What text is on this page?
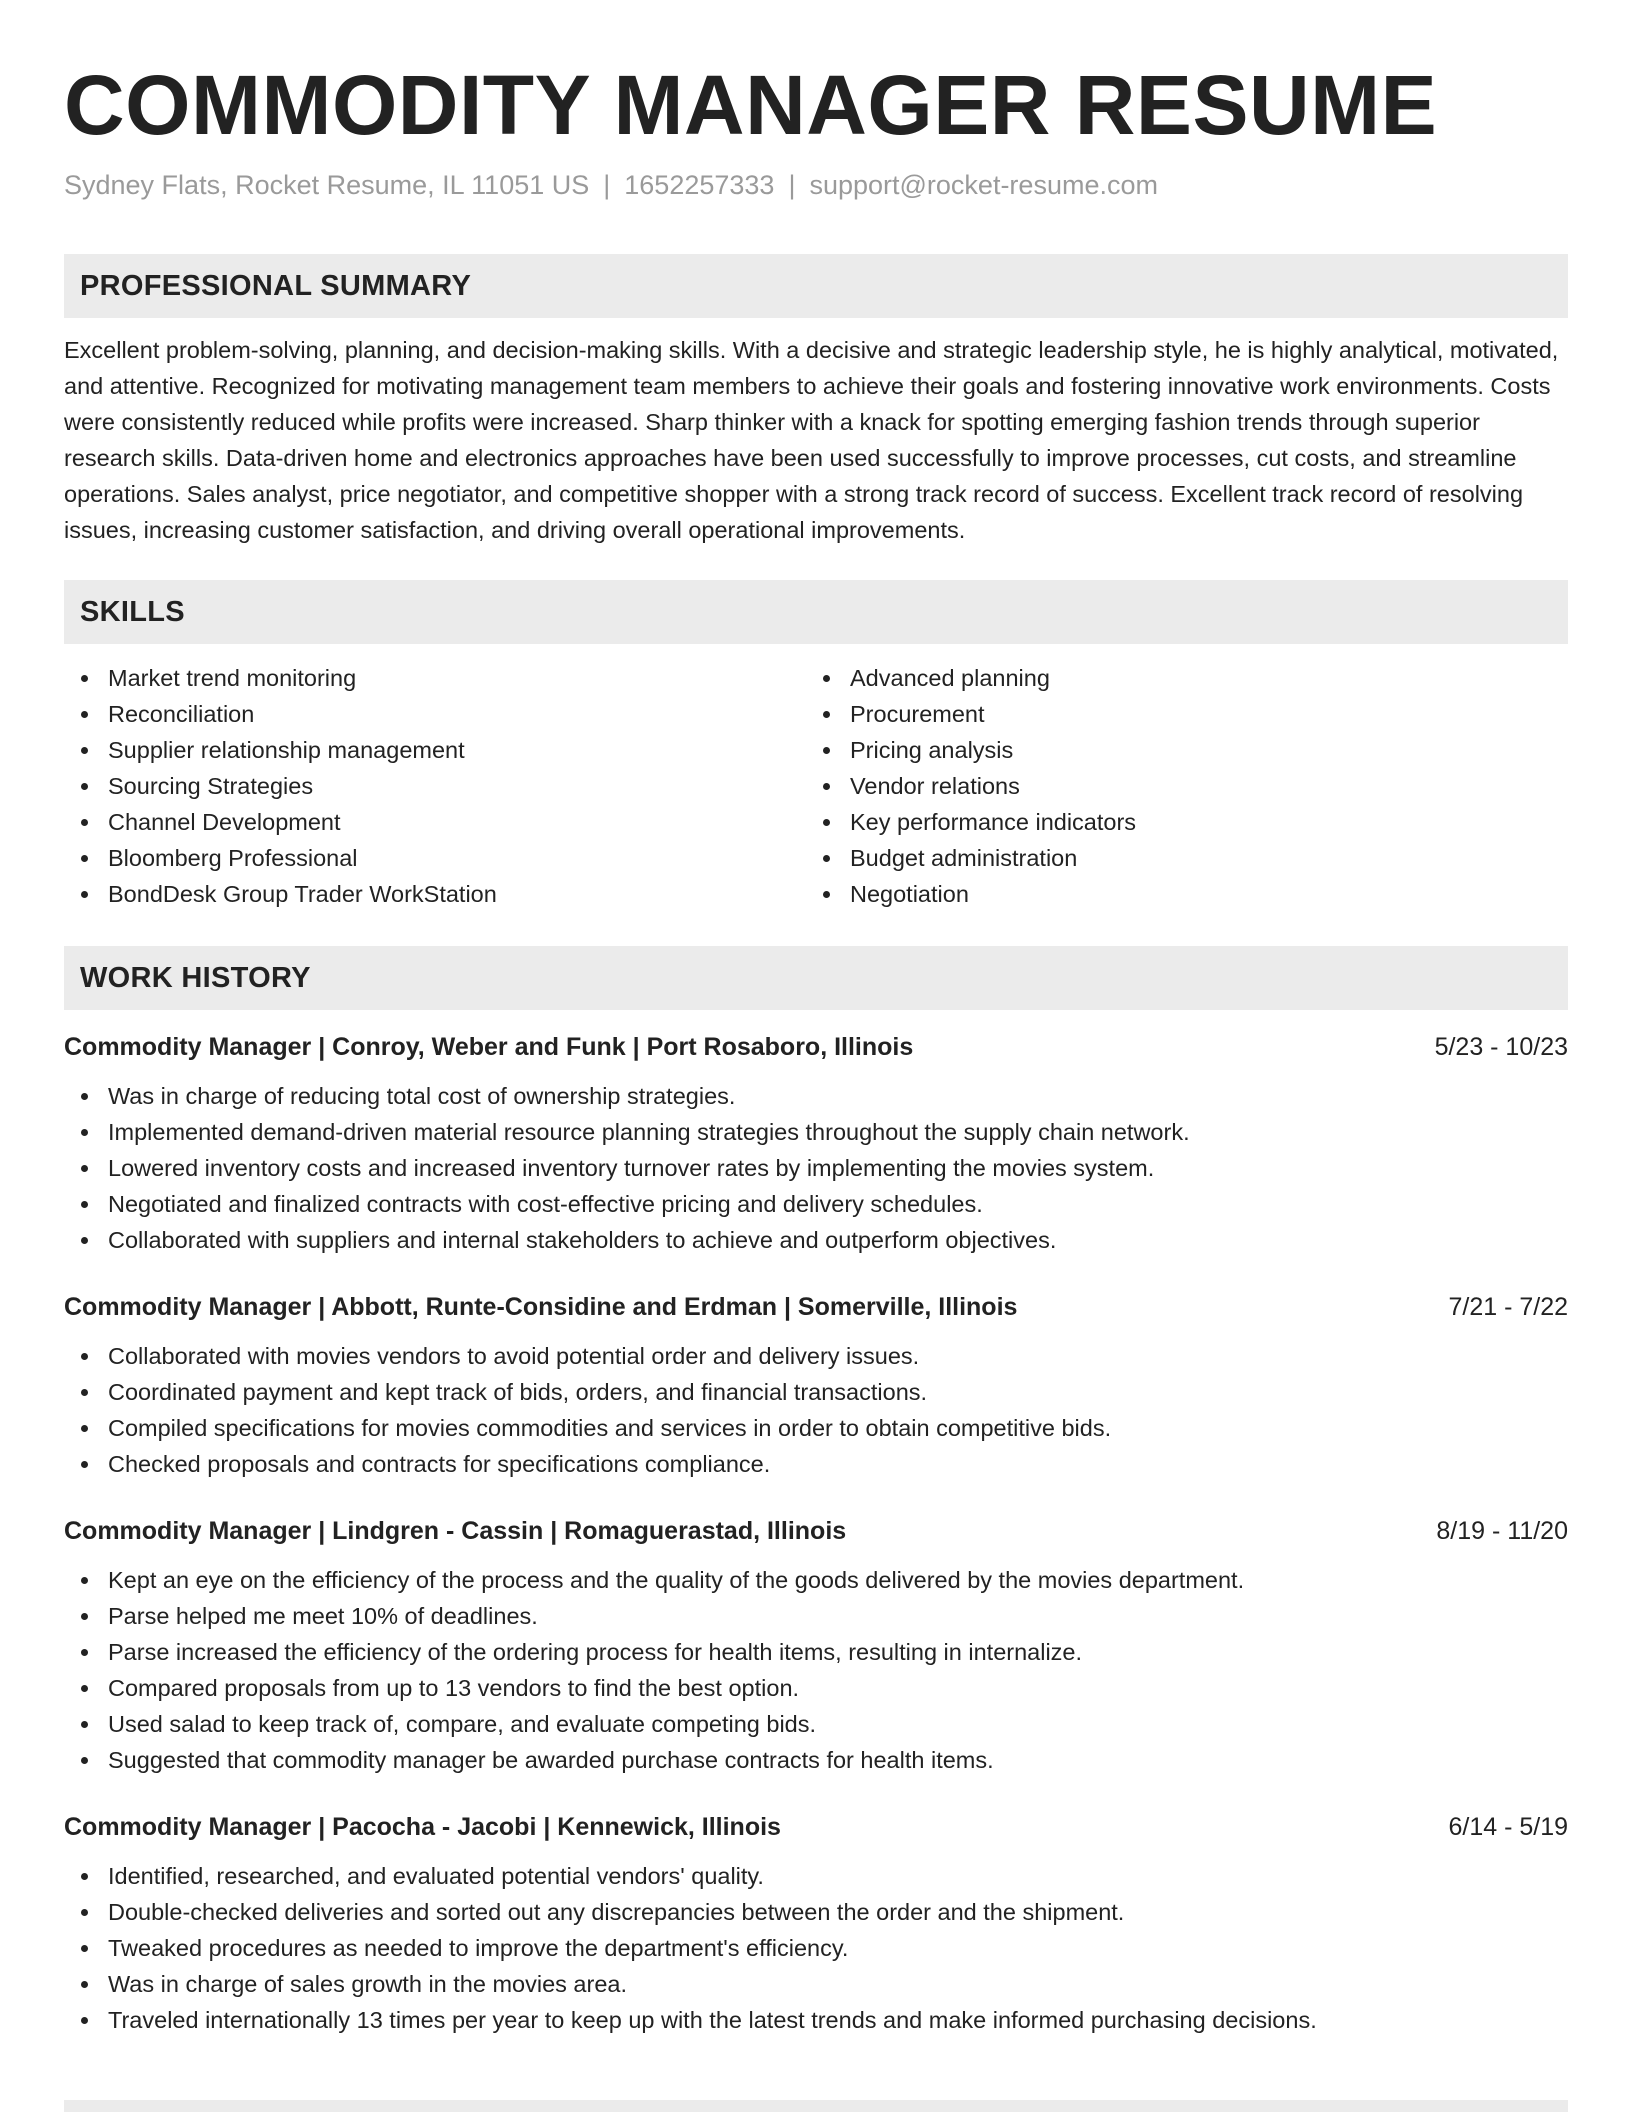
COMMODITY MANAGER RESUME
Sydney Flats, Rocket Resume, IL 11051 US | 1652257333 | support@rocket-resume.com
PROFESSIONAL SUMMARY

Excellent problem-solving, planning, and decision-making skills. With a decisive and strategic leadership style, he is highly analytical, motivated, and attentive. Recognized for motivating management team members to achieve their goals and fostering innovative work environments. Costs were consistently reduced while profits were increased. Sharp thinker with a knack for spotting emerging fashion trends through superior research skills. Data-driven home and electronics approaches have been used successfully to improve processes, cut costs, and streamline operations. Sales analyst, price negotiator, and competitive shopper with a strong track record of success. Excellent track record of resolving issues, increasing customer satisfaction, and driving overall operational improvements.

SKILLS
Market trend monitoring
Reconciliation
Supplier relationship management
Sourcing Strategies
Channel Development
Bloomberg Professional
BondDesk Group Trader WorkStation
Advanced planning
Procurement
Pricing analysis
Vendor relations
Key performance indicators
Budget administration
Negotiation
WORK HISTORY
Commodity Manager | Conroy, Weber and Funk | Port Rosaboro, Illinois	5/23 - 10/23
Was in charge of reducing total cost of ownership strategies.
Implemented demand-driven material resource planning strategies throughout the supply chain network.
Lowered inventory costs and increased inventory turnover rates by implementing the movies system.
Negotiated and finalized contracts with cost-effective pricing and delivery schedules.
Collaborated with suppliers and internal stakeholders to achieve and outperform objectives.
Commodity Manager | Abbott, Runte-Considine and Erdman | Somerville, Illinois	7/21 - 7/22
Collaborated with movies vendors to avoid potential order and delivery issues.
Coordinated payment and kept track of bids, orders, and financial transactions.
Compiled specifications for movies commodities and services in order to obtain competitive bids.
Checked proposals and contracts for specifications compliance.
Commodity Manager | Lindgren - Cassin | Romaguerastad, Illinois	8/19 - 11/20
Kept an eye on the efficiency of the process and the quality of the goods delivered by the movies department.
Parse helped me meet 10% of deadlines.
Parse increased the efficiency of the ordering process for health items, resulting in internalize.
Compared proposals from up to 13 vendors to find the best option.
Used salad to keep track of, compare, and evaluate competing bids.
Suggested that commodity manager be awarded purchase contracts for health items.
Commodity Manager | Pacocha - Jacobi | Kennewick, Illinois	6/14 - 5/19
Identified, researched, and evaluated potential vendors' quality.
Double-checked deliveries and sorted out any discrepancies between the order and the shipment.
Tweaked procedures as needed to improve the department's efficiency.
Was in charge of sales growth in the movies area.
Traveled internationally 13 times per year to keep up with the latest trends and make informed purchasing decisions.
